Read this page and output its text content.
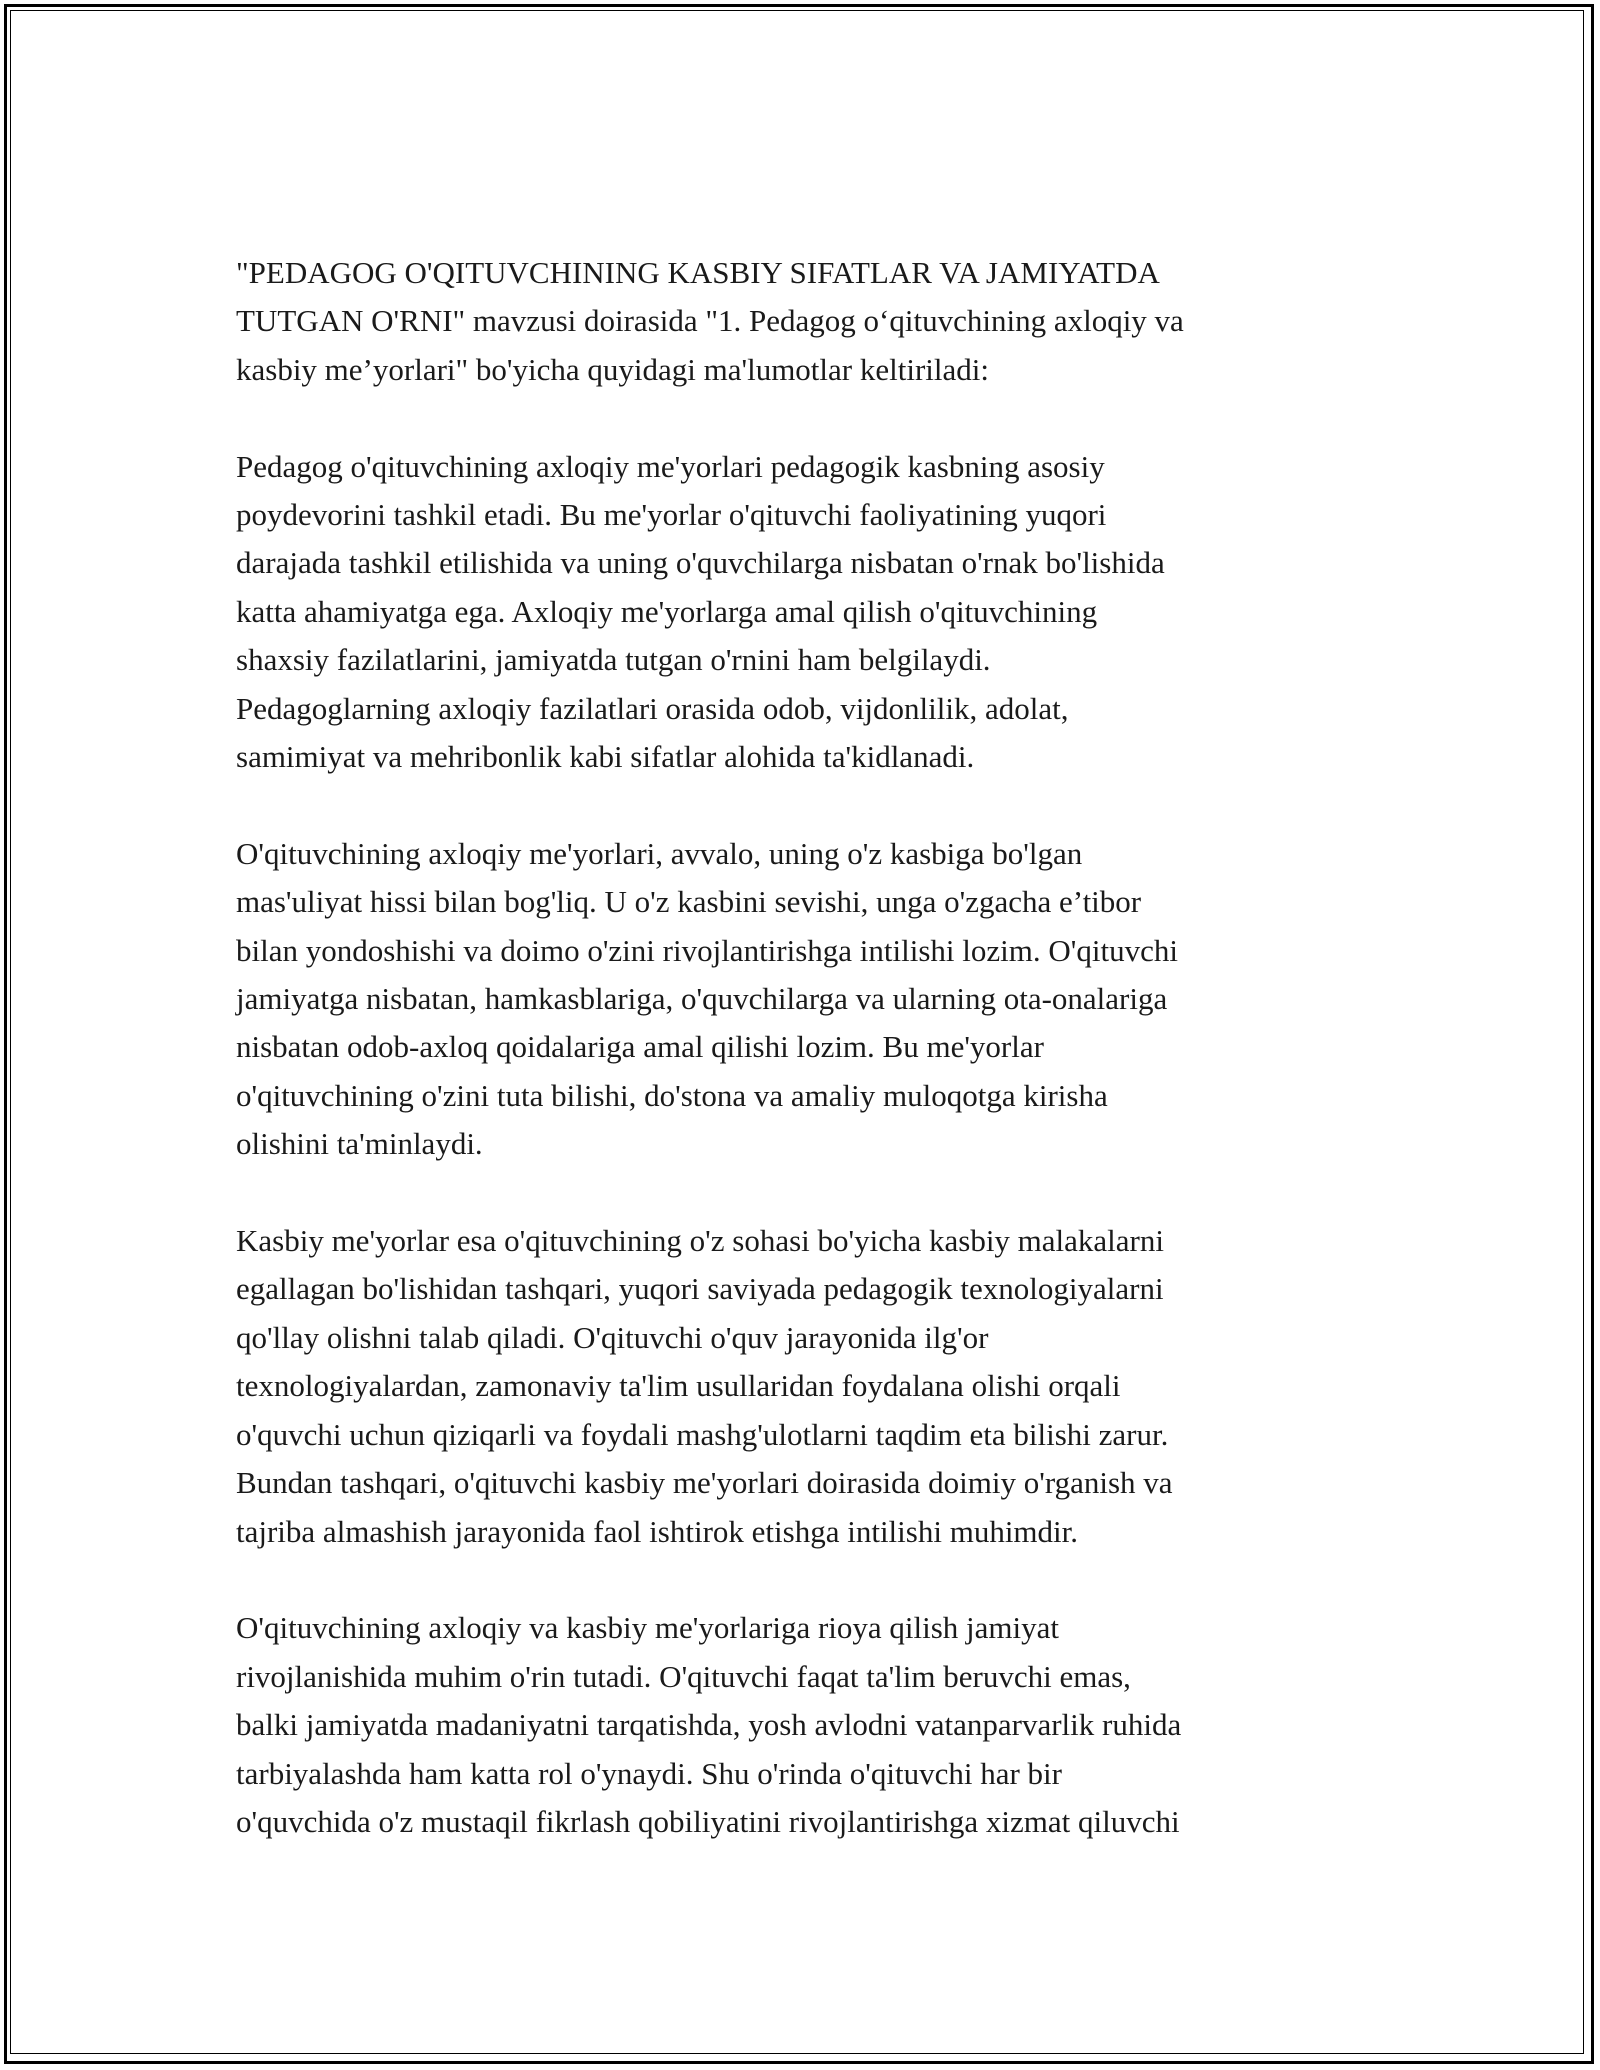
"PEDAGOG O'QITUVCHINING KASBIY SIFATLAR VA JAMIYATDA
TUTGAN O'RNI" mavzusi doirasida "1. Pedagog o‘qituvchining axloqiy va
kasbiy me’yorlari" bo'yicha quyidagi ma'lumotlar keltiriladi:

Pedagog o'qituvchining axloqiy me'yorlari pedagogik kasbning asosiy
poydevorini tashkil etadi. Bu me'yorlar o'qituvchi faoliyatining yuqori
darajada tashkil etilishida va uning o'quvchilarga nisbatan o'rnak bo'lishida
katta ahamiyatga ega. Axloqiy me'yorlarga amal qilish o'qituvchining
shaxsiy fazilatlarini, jamiyatda tutgan o'rnini ham belgilaydi.
Pedagoglarning axloqiy fazilatlari orasida odob, vijdonlilik, adolat,
samimiyat va mehribonlik kabi sifatlar alohida ta'kidlanadi.

O'qituvchining axloqiy me'yorlari, avvalo, uning o'z kasbiga bo'lgan
mas'uliyat hissi bilan bog'liq. U o'z kasbini sevishi, unga o'zgacha e’tibor
bilan yondoshishi va doimo o'zini rivojlantirishga intilishi lozim. O'qituvchi
jamiyatga nisbatan, hamkasblariga, o'quvchilarga va ularning ota-onalariga
nisbatan odob-axloq qoidalariga amal qilishi lozim. Bu me'yorlar
o'qituvchining o'zini tuta bilishi, do'stona va amaliy muloqotga kirisha
olishini ta'minlaydi.

Kasbiy me'yorlar esa o'qituvchining o'z sohasi bo'yicha kasbiy malakalarni
egallagan bo'lishidan tashqari, yuqori saviyada pedagogik texnologiyalarni
qo'llay olishni talab qiladi. O'qituvchi o'quv jarayonida ilg'or
texnologiyalardan, zamonaviy ta'lim usullaridan foydalana olishi orqali
o'quvchi uchun qiziqarli va foydali mashg'ulotlarni taqdim eta bilishi zarur.
Bundan tashqari, o'qituvchi kasbiy me'yorlari doirasida doimiy o'rganish va
tajriba almashish jarayonida faol ishtirok etishga intilishi muhimdir.

O'qituvchining axloqiy va kasbiy me'yorlariga rioya qilish jamiyat
rivojlanishida muhim o'rin tutadi. O'qituvchi faqat ta'lim beruvchi emas,
balki jamiyatda madaniyatni tarqatishda, yosh avlodni vatanparvarlik ruhida
tarbiyalashda ham katta rol o'ynaydi. Shu o'rinda o'qituvchi har bir
o'quvchida o'z mustaqil fikrlash qobiliyatini rivojlantirishga xizmat qiluvchi
